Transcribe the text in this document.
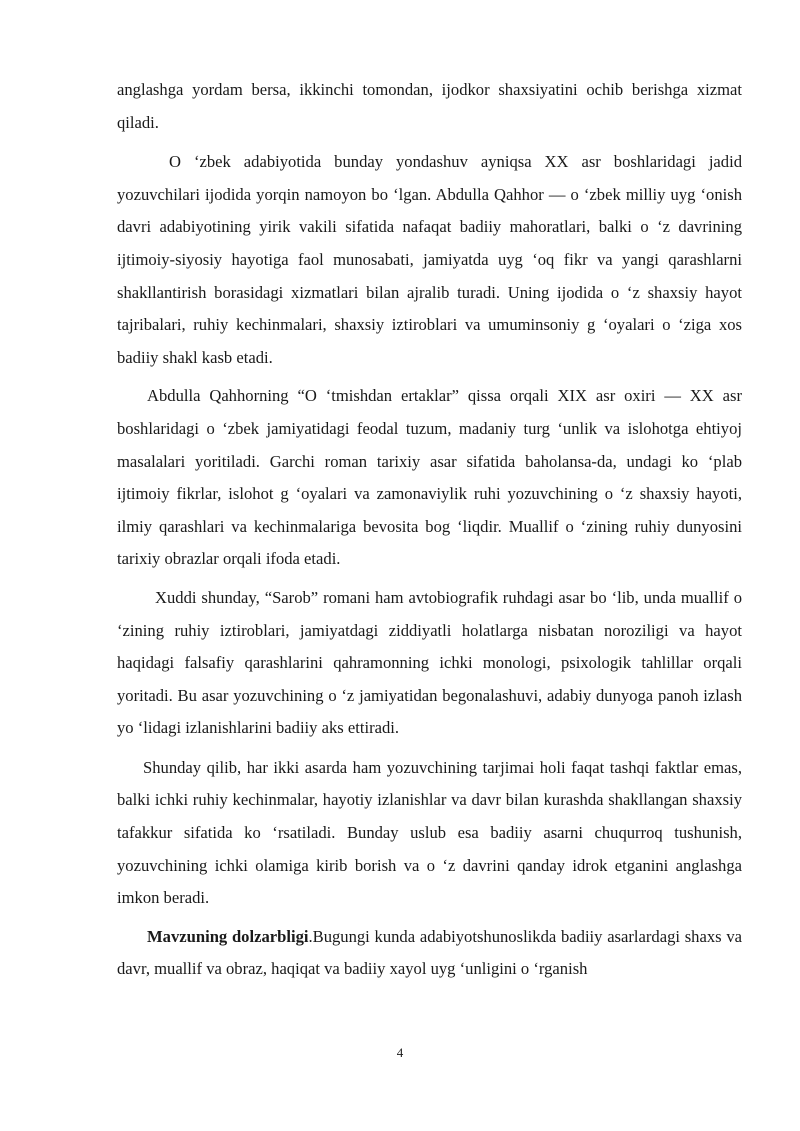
anglashga yordam bersa, ikkinchi tomondan, ijodkor shaxsiyatini ochib berishga xizmat qiladi.

O ‘zbek adabiyotida bunday yondashuv ayniqsa XX asr boshlaridagi jadid yozuvchilari ijodida yorqin namoyon bo ‘lgan. Abdulla Qahhor — o ‘zbek milliy uyg ‘onish davri adabiyotining yirik vakili sifatida nafaqat badiiy mahoratlari, balki o ‘z davrining ijtimoiy-siyosiy hayotiga faol munosabati, jamiyatda uyg ‘oq fikr va yangi qarashlarni shakllantirish borasidagi xizmatlari bilan ajralib turadi. Uning ijodida o ‘z shaxsiy hayot tajribalari, ruhiy kechinmalari, shaxsiy iztiroblari va umuminsoniy g ‘oyalari o ‘ziga xos badiiy shakl kasb etadi.

Abdulla Qahhorning “O ‘tmishdan ertaklar” qissa orqali XIX asr oxiri — XX asr boshlaridagi o ‘zbek jamiyatidagi feodal tuzum, madaniy turg ‘unlik va islohotga ehtiyoj masalalari yoritiladi. Garchi roman tarixiy asar sifatida baholansa-da, undagi ko ‘plab ijtimoiy fikrlar, islohot g ‘oyalari va zamonaviylik ruhi yozuvchining o ‘z shaxsiy hayoti, ilmiy qarashlari va kechinmalariga bevosita bog ‘liqdir. Muallif o ‘zining ruhiy dunyosini tarixiy obrazlar orqali ifoda etadi.

Xuddi shunday, “Sarob” romani ham avtobiografik ruhdagi asar bo ‘lib, unda muallif o ‘zining ruhiy iztiroblari, jamiyatdagi ziddiyatli holatlarga nisbatan noroziligi va hayot haqidagi falsafiy qarashlarini qahramonning ichki monologi, psixologik tahlillar orqali yoritadi. Bu asar yozuvchining o ‘z jamiyatidan begonalashuvi, adabiy dunyoga panoh izlash yo ‘lidagi izlanishlarini badiiy aks ettiradi.

Shunday qilib, har ikki asarda ham yozuvchining tarjimai holi faqat tashqi faktlar emas, balki ichki ruhiy kechinmalar, hayotiy izlanishlar va davr bilan kurashda shakllangan shaxsiy tafakkur sifatida ko ‘rsatiladi. Bunday uslub esa badiiy asarni chuqurroq tushunish, yozuvchining ichki olamiga kirib borish va o ‘z davrini qanday idrok etganini anglashga imkon beradi.

Mavzuning dolzarbligi.Bugungi kunda adabiyotshunoslikda badiiy asarlardagi shaxs va davr, muallif va obraz, haqiqat va badiiy xayol uyg ‘unligini o ‘rganish

4
